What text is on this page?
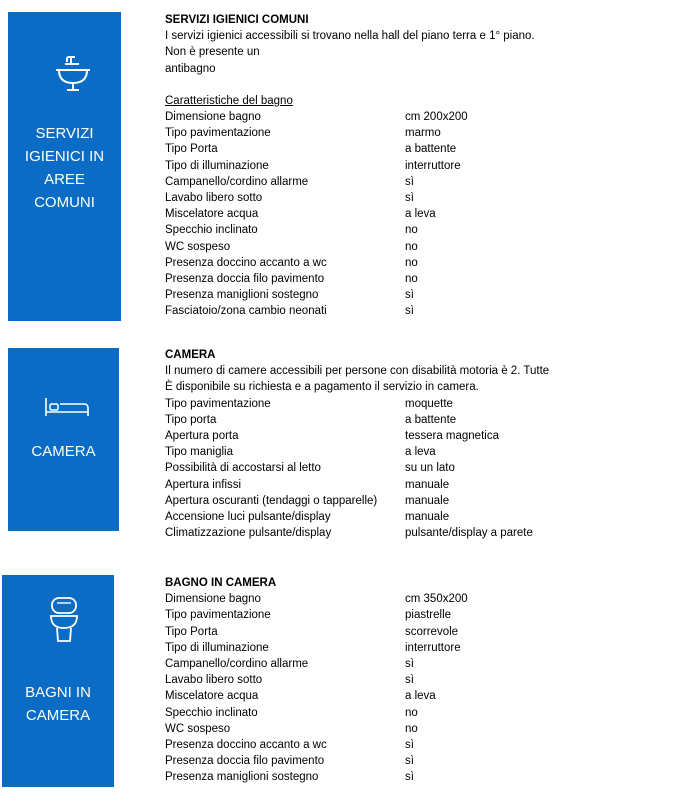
SERVIZI
IGIENICI IN
AREE
COMUNI
SERVIZI IGIENICI COMUNI
I servizi igienici accessibili si trovano nella hall del piano terra e 1° piano.
Non è presente un
antibagno
Caratteristiche del bagno
Dimensione bagno	cm 200x200
Tipo pavimentazione	marmo
Tipo Porta	a battente
Tipo di illuminazione	interruttore
Campanello/cordino allarme	sì
Lavabo libero sotto	sì
Miscelatore acqua	a leva
Specchio inclinato	no
WC sospeso	no
Presenza doccino accanto a wc	no
Presenza doccia filo pavimento	no
Presenza maniglioni sostegno	sì
Fasciatoio/zona cambio neonati	sì
CAMERA
CAMERA
Il numero di camere accessibili per persone con disabilità motoria è 2. Tutte
È disponibile su richiesta e a pagamento il servizio in camera.
Tipo pavimentazione	moquette
Tipo porta	a battente
Apertura porta	tessera magnetica
Tipo maniglia	a leva
Possibilità di accostarsi al letto	su un lato
Apertura infissi	manuale
Apertura oscuranti (tendaggi o tapparelle)	manuale
Accensione luci pulsante/display	manuale
Climatizzazione pulsante/display	pulsante/display a parete
BAGNI IN
CAMERA
BAGNO IN CAMERA
Dimensione bagno	cm 350x200
Tipo pavimentazione	piastrelle
Tipo Porta	scorrevole
Tipo di illuminazione	interruttore
Campanello/cordino allarme	sì
Lavabo libero sotto	sì
Miscelatore acqua	a leva
Specchio inclinato	no
WC sospeso	no
Presenza doccino accanto a wc	sì
Presenza doccia filo pavimento	sì
Presenza maniglioni sostegno	sì
